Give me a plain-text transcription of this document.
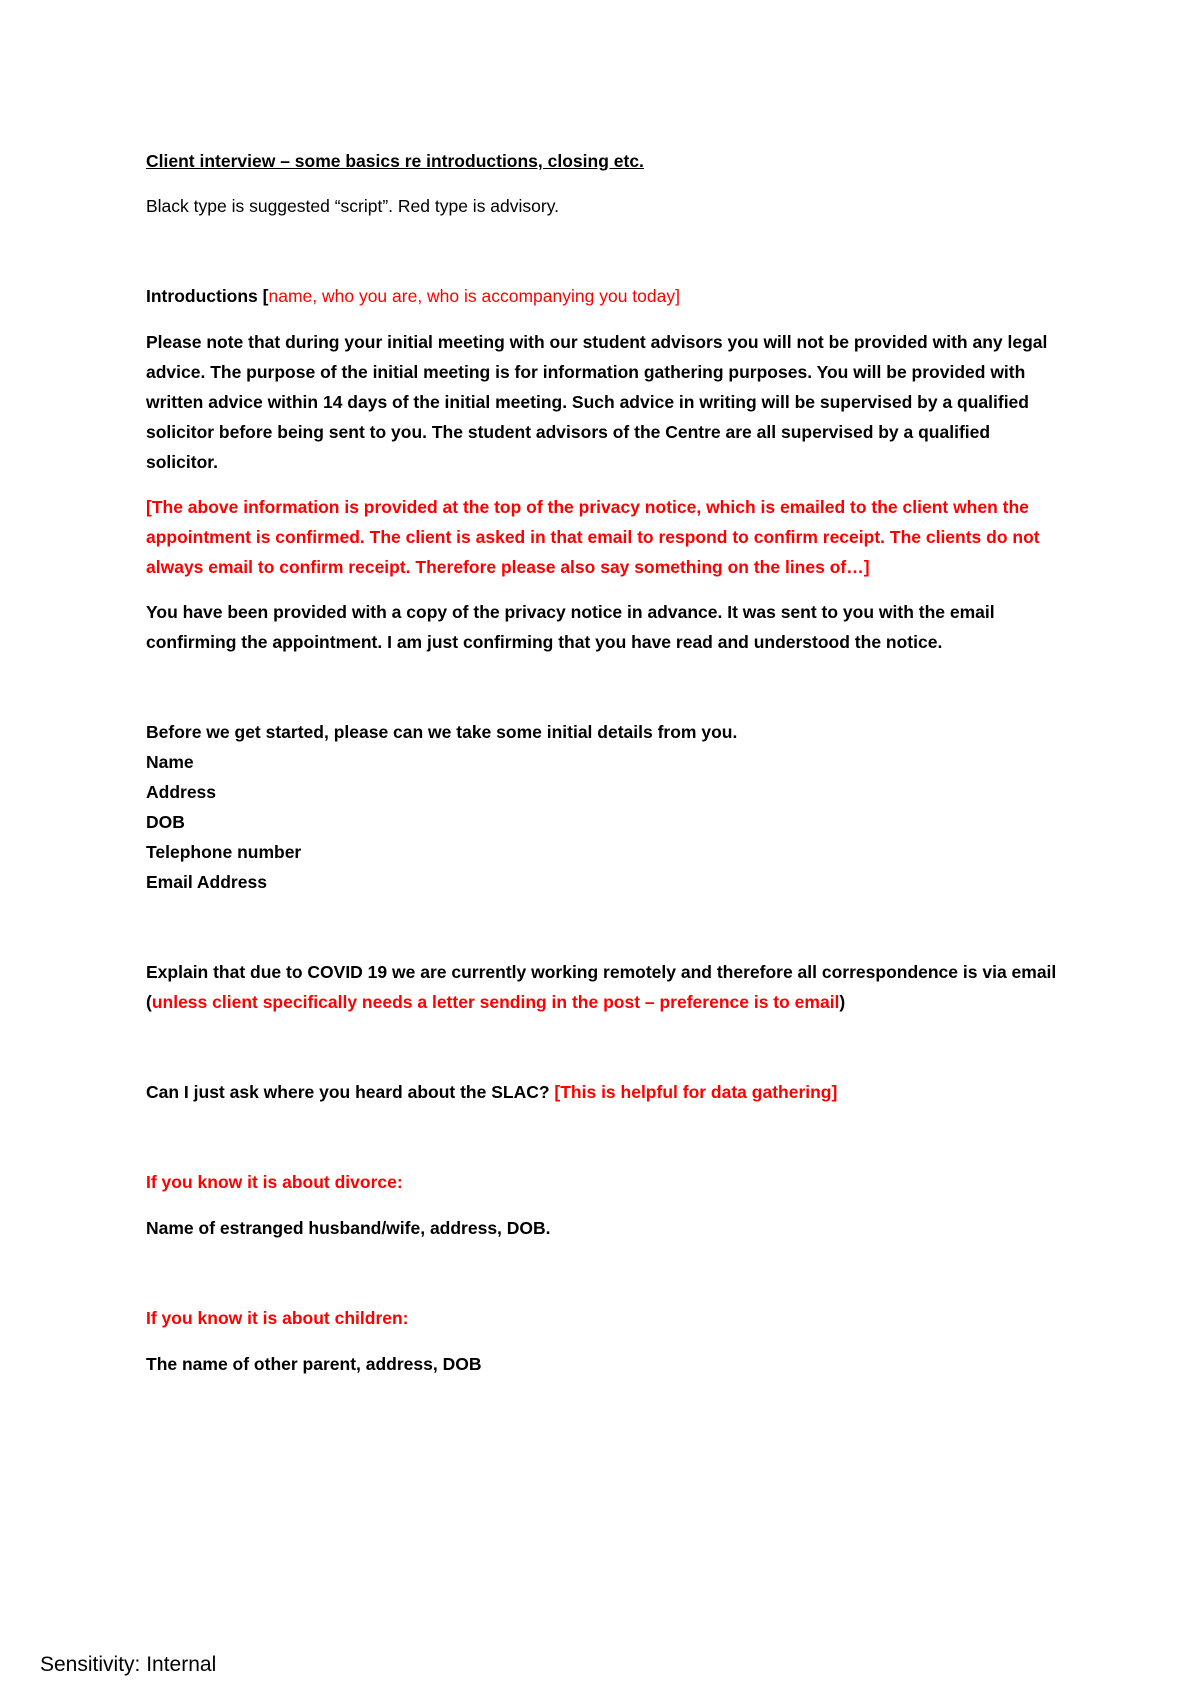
Client interview – some basics re introductions, closing etc.

Black type is suggested “script”. Red type is advisory.

Introductions [name, who you are, who is accompanying you today]

Please note that during your initial meeting with our student advisors you will not be provided with any legal advice. The purpose of the initial meeting is for information gathering purposes. You will be provided with written advice within 14 days of the initial meeting. Such advice in writing will be supervised by a qualified solicitor before being sent to you. The student advisors of the Centre are all supervised by a qualified solicitor.

[The above information is provided at the top of the privacy notice, which is emailed to the client when the appointment is confirmed. The client is asked in that email to respond to confirm receipt. The clients do not always email to confirm receipt. Therefore please also say something on the lines of…]

You have been provided with a copy of the privacy notice in advance. It was sent to you with the email confirming the appointment. I am just confirming that you have read and understood the notice.

Before we get started, please can we take some initial details from you.

Name

Address

DOB

Telephone number

Email Address

Explain that due to COVID 19 we are currently working remotely and therefore all correspondence is via email (unless client specifically needs a letter sending in the post – preference is to email)

Can I just ask where you heard about the SLAC? [This is helpful for data gathering]

If you know it is about divorce:

Name of estranged husband/wife, address, DOB.

If you know it is about children:

The name of other parent, address, DOB

Sensitivity: Internal
